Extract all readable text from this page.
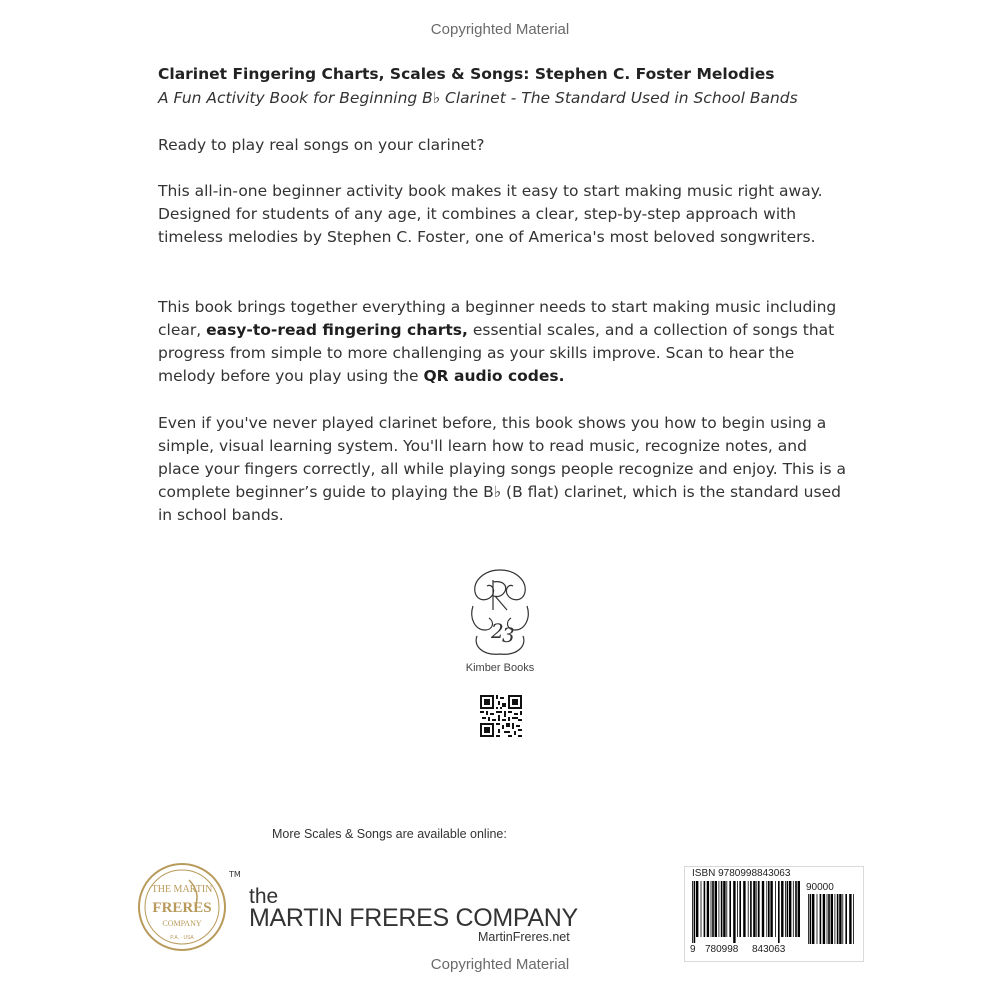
Copyrighted Material
Clarinet Fingering Charts, Scales & Songs: Stephen C. Foster Melodies
A Fun Activity Book for Beginning B♭ Clarinet - The Standard Used in School Bands

Ready to play real songs on your clarinet?

This all-in-one beginner activity book makes it easy to start making music right away. Designed for students of any age, it combines a clear, step-by-step approach with timeless melodies by Stephen C. Foster, one of America's most beloved songwriters.

This book brings together everything a beginner needs to start making music including clear, easy-to-read fingering charts, essential scales, and a collection of songs that progress from simple to more challenging as your skills improve. Scan to hear the melody before you play using the QR audio codes.

Even if you've never played clarinet before, this book shows you how to begin using a simple, visual learning system. You'll learn how to read music, recognize notes, and place your fingers correctly, all while playing songs people recognize and enjoy. This is a complete beginner’s guide to playing the B♭ (B flat) clarinet, which is the standard used in school bands.

2
3
Kimber Books
More Scales & Songs are available online:
THE MARTIN
FRERES
COMPANY
P.A. · USA
TM
the
MARTIN FRERES COMPANY
MartinFreres.net
ISBN 9780998843063
90000
9 780998 843063
Copyrighted Material
